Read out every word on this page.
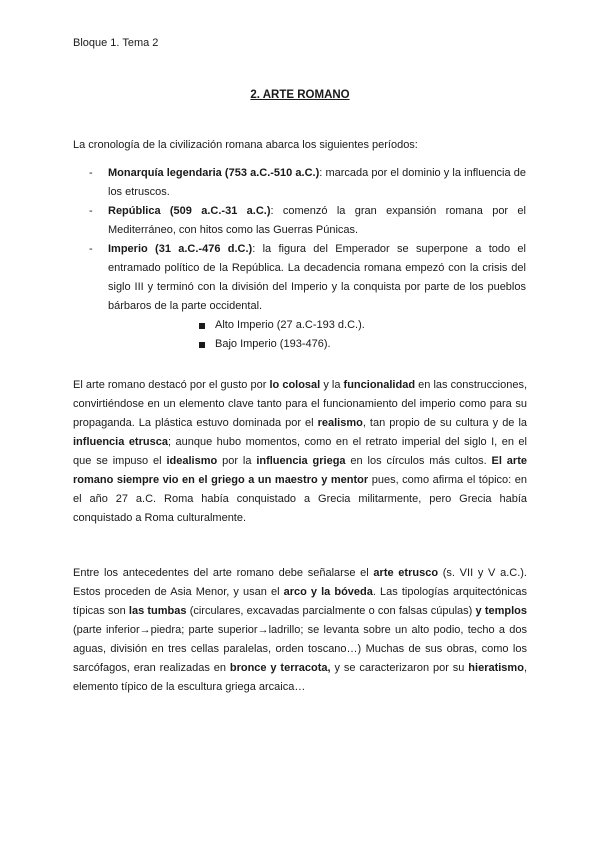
Bloque 1. Tema 2
2. ARTE ROMANO
La cronología de la civilización romana abarca los siguientes períodos:
- Monarquía legendaria (753 a.C.-510 a.C.): marcada por el dominio y la influencia de los etruscos.
- República (509 a.C.-31 a.C.): comenzó la gran expansión romana por el Mediterráneo, con hitos como las Guerras Púnicas.
- Imperio (31 a.C.-476 d.C.): la figura del Emperador se superpone a todo el entramado político de la República. La decadencia romana empezó con la crisis del siglo III y terminó con la división del Imperio y la conquista por parte de los pueblos bárbaros de la parte occidental.
Alto Imperio (27 a.C-193 d.C.).
Bajo Imperio (193-476).

El arte romano destacó por el gusto por lo colosal y la funcionalidad en las construcciones, convirtiéndose en un elemento clave tanto para el funcionamiento del imperio como para su propaganda. La plástica estuvo dominada por el realismo, tan propio de su cultura y de la influencia etrusca; aunque hubo momentos, como en el retrato imperial del siglo I, en el que se impuso el idealismo por la influencia griega en los círculos más cultos. El arte romano siempre vio en el griego a un maestro y mentor pues, como afirma el tópico: en el año 27 a.C. Roma había conquistado a Grecia militarmente, pero Grecia había conquistado a Roma culturalmente.

Entre los antecedentes del arte romano debe señalarse el arte etrusco (s. VII y V a.C.). Estos proceden de Asia Menor, y usan el arco y la bóveda. Las tipologías arquitectónicas típicas son las tumbas (circulares, excavadas parcialmente o con falsas cúpulas) y templos (parte inferior→piedra; parte superior→ladrillo; se levanta sobre un alto podio, techo a dos aguas, división en tres cellas paralelas, orden toscano…) Muchas de sus obras, como los sarcófagos, eran realizadas en bronce y terracota, y se caracterizaron por su hieratismo, elemento típico de la escultura griega arcaica…
